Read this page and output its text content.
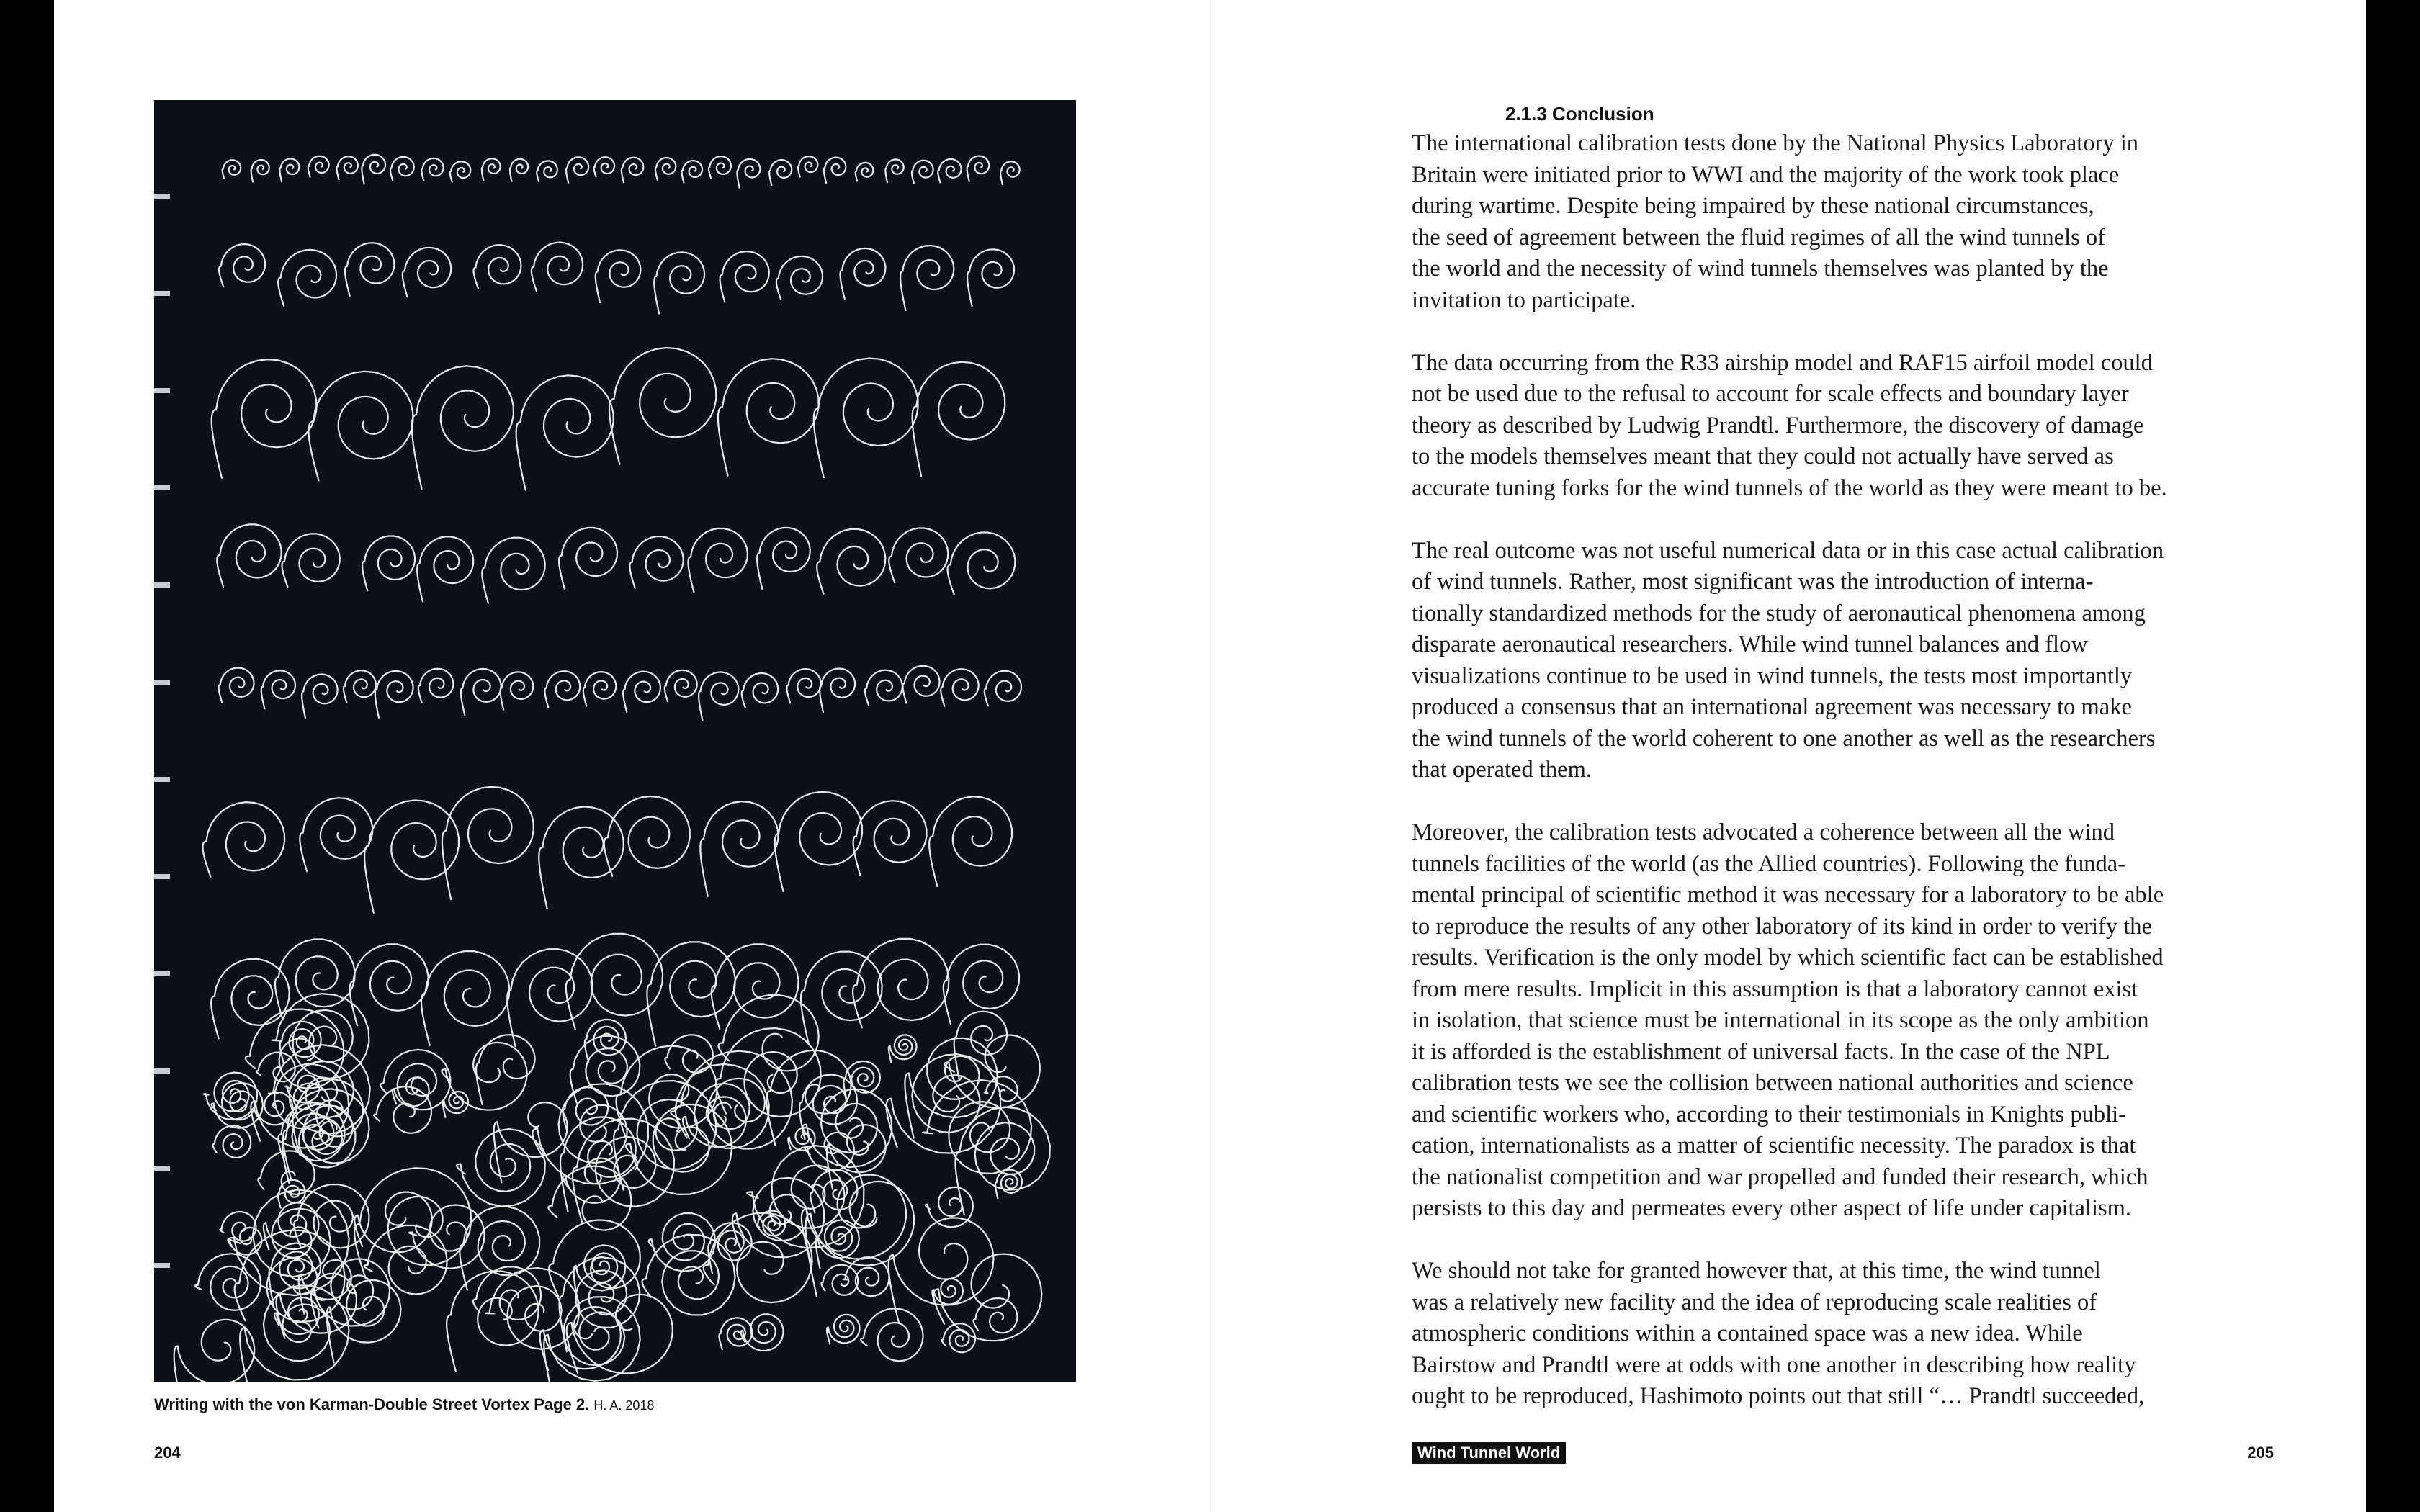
Writing with the von Karman-Double Street Vortex Page 2. H. A. 2018
204
2.1.3 Conclusion

The international calibration tests done by the National Physics Laboratory in
Britain were initiated prior to WWI and the majority of the work took place
during wartime. Despite being impaired by these national circumstances,
the seed of agreement between the fluid regimes of all the wind tunnels of
the world and the necessity of wind tunnels themselves was planted by the
invitation to participate.

The data occurring from the R33 airship model and RAF15 airfoil model could
not be used due to the refusal to account for scale effects and boundary layer
theory as described by Ludwig Prandtl. Furthermore, the discovery of damage
to the models themselves meant that they could not actually have served as
accurate tuning forks for the wind tunnels of the world as they were meant to be.

The real outcome was not useful numerical data or in this case actual calibration
of wind tunnels. Rather, most significant was the introduction of interna-
tionally standardized methods for the study of aeronautical phenomena among
disparate aeronautical researchers. While wind tunnel balances and flow
visualizations continue to be used in wind tunnels, the tests most importantly
produced a consensus that an international agreement was necessary to make
the wind tunnels of the world coherent to one another as well as the researchers
that operated them.

Moreover, the calibration tests advocated a coherence between all the wind
tunnels facilities of the world (as the Allied countries). Following the funda-
mental principal of scientific method it was necessary for a laboratory to be able
to reproduce the results of any other laboratory of its kind in order to verify the
results. Verification is the only model by which scientific fact can be established
from mere results. Implicit in this assumption is that a laboratory cannot exist
in isolation, that science must be international in its scope as the only ambition
it is afforded is the establishment of universal facts. In the case of the NPL
calibration tests we see the collision between national authorities and science
and scientific workers who, according to their testimonials in Knights publi-
cation, internationalists as a matter of scientific necessity. The paradox is that
the nationalist competition and war propelled and funded their research, which
persists to this day and permeates every other aspect of life under capitalism.

We should not take for granted however that, at this time, the wind tunnel
was a relatively new facility and the idea of reproducing scale realities of
atmospheric conditions within a contained space was a new idea. While
Bairstow and Prandtl were at odds with one another in describing how reality
ought to be reproduced, Hashimoto points out that still “… Prandtl succeeded,

Wind Tunnel World	205
